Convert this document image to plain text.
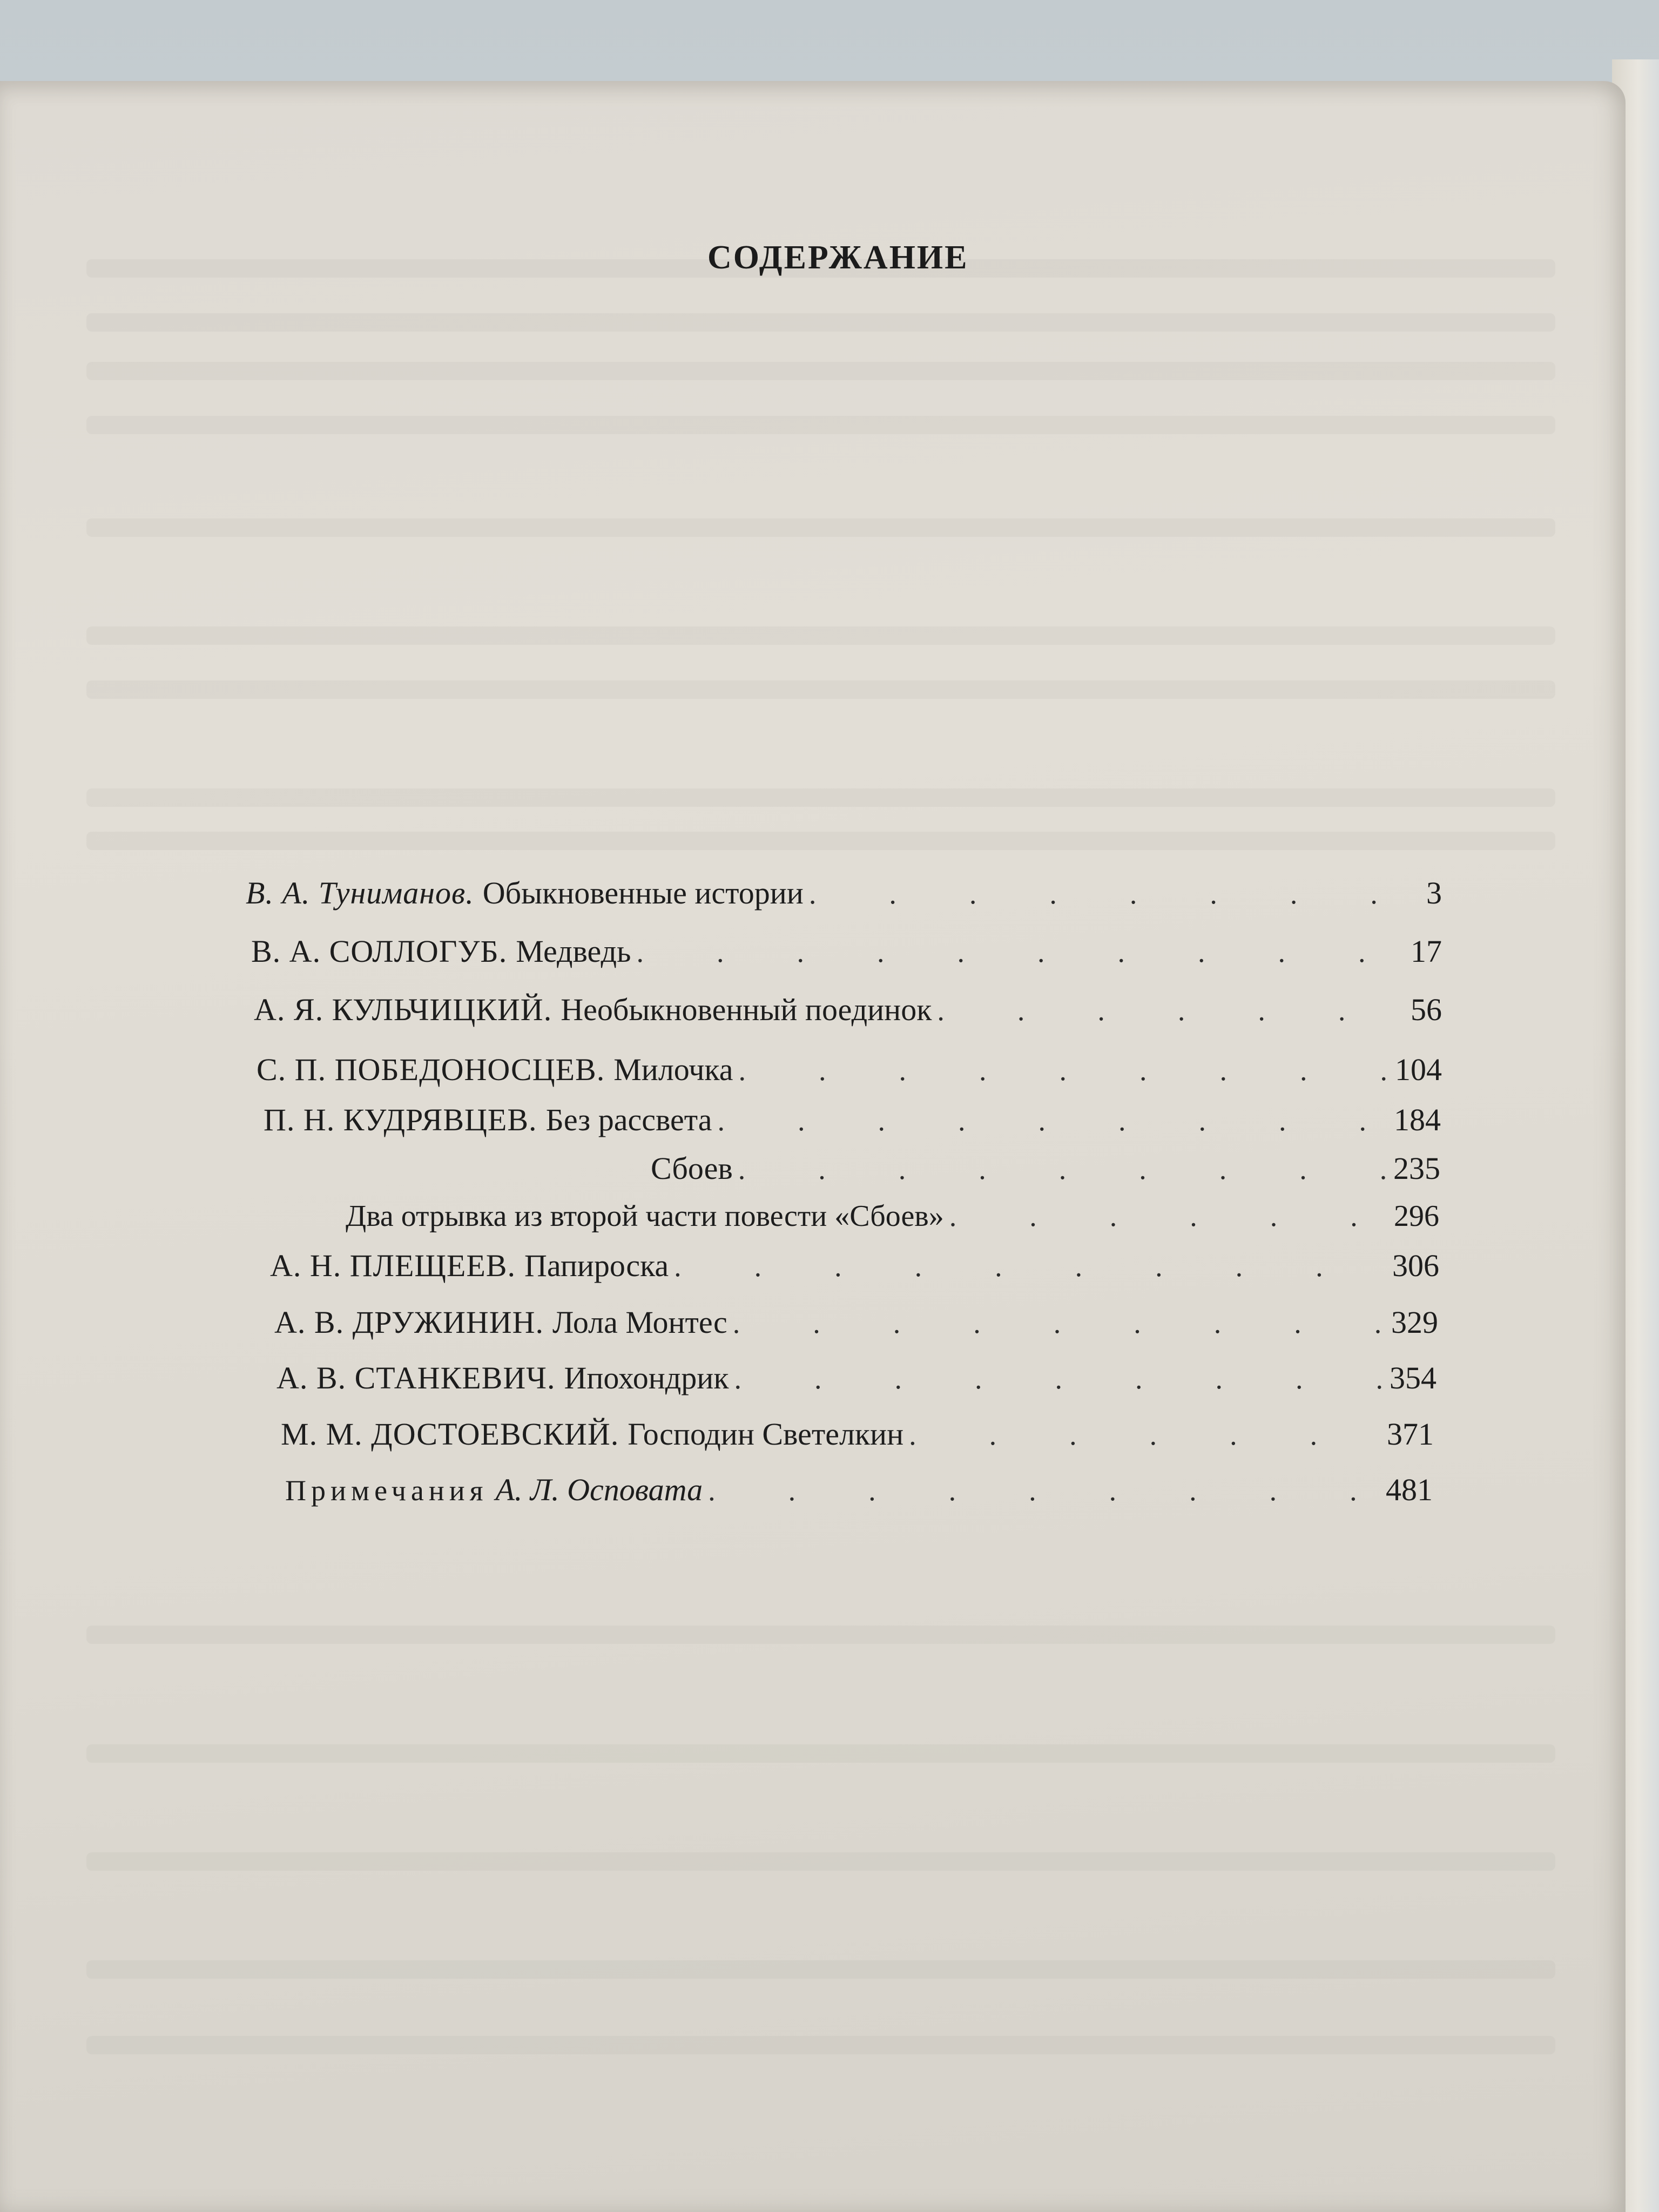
СОДЕРЖАНИЕ
В. А. Туниманов. Обыкновенные истории .	3
В. А. СОЛЛОГУБ. Медведь .	17
А. Я. КУЛЬЧИЦКИЙ. Необыкновенный поединок .	56
С. П. ПОБЕДОНОСЦЕВ. Милочка .	104
П. Н. КУДРЯВЦЕВ. Без рассвета .	184
Сбоев .	235
Два отрывка из второй части повести «Сбоев» .	296
А. Н. ПЛЕЩЕЕВ. Папироска .	306
А. В. ДРУЖИНИН. Лола Монтес .	329
А. В. СТАНКЕВИЧ. Ипохондрик .	354
М. М. ДОСТОЕВСКИЙ. Господин Светелкин .	371
Примечания А. Л. Осповата .	481
